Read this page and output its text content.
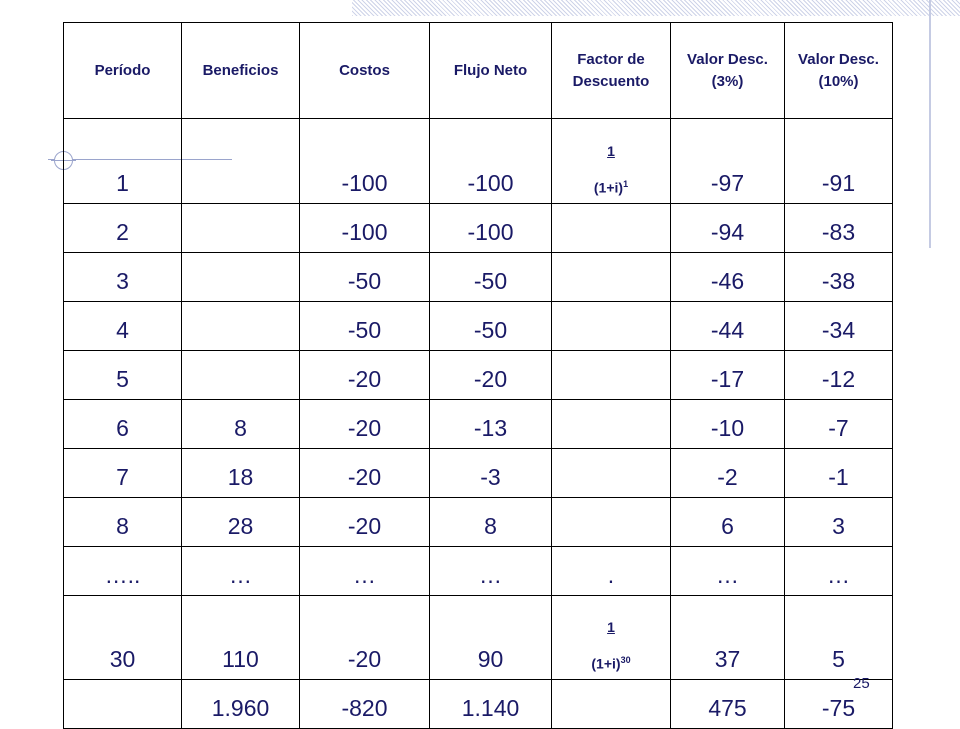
Período	Beneficios	Costos	Flujo Neto	Factor de Descuento	Valor Desc. (3%)	Valor Desc. (10%)
1		-100	-100	$\frac{1}{(1+i)^1}$	-97	-91
2		-100	-100		-94	-83
3		-50	-50		-46	-38
4		-50	-50		-44	-34
5		-20	-20		-17	-12
6	8	-20	-13		-10	-7
7	18	-20	-3		-2	-1
8	28	-20	8		6	3
…..	…	…	…	.	…	…
30	110	-20	90	$\frac{1}{(1+i)^{30}}$	37	5
	1.960	-820	1.140		475	-75
25
